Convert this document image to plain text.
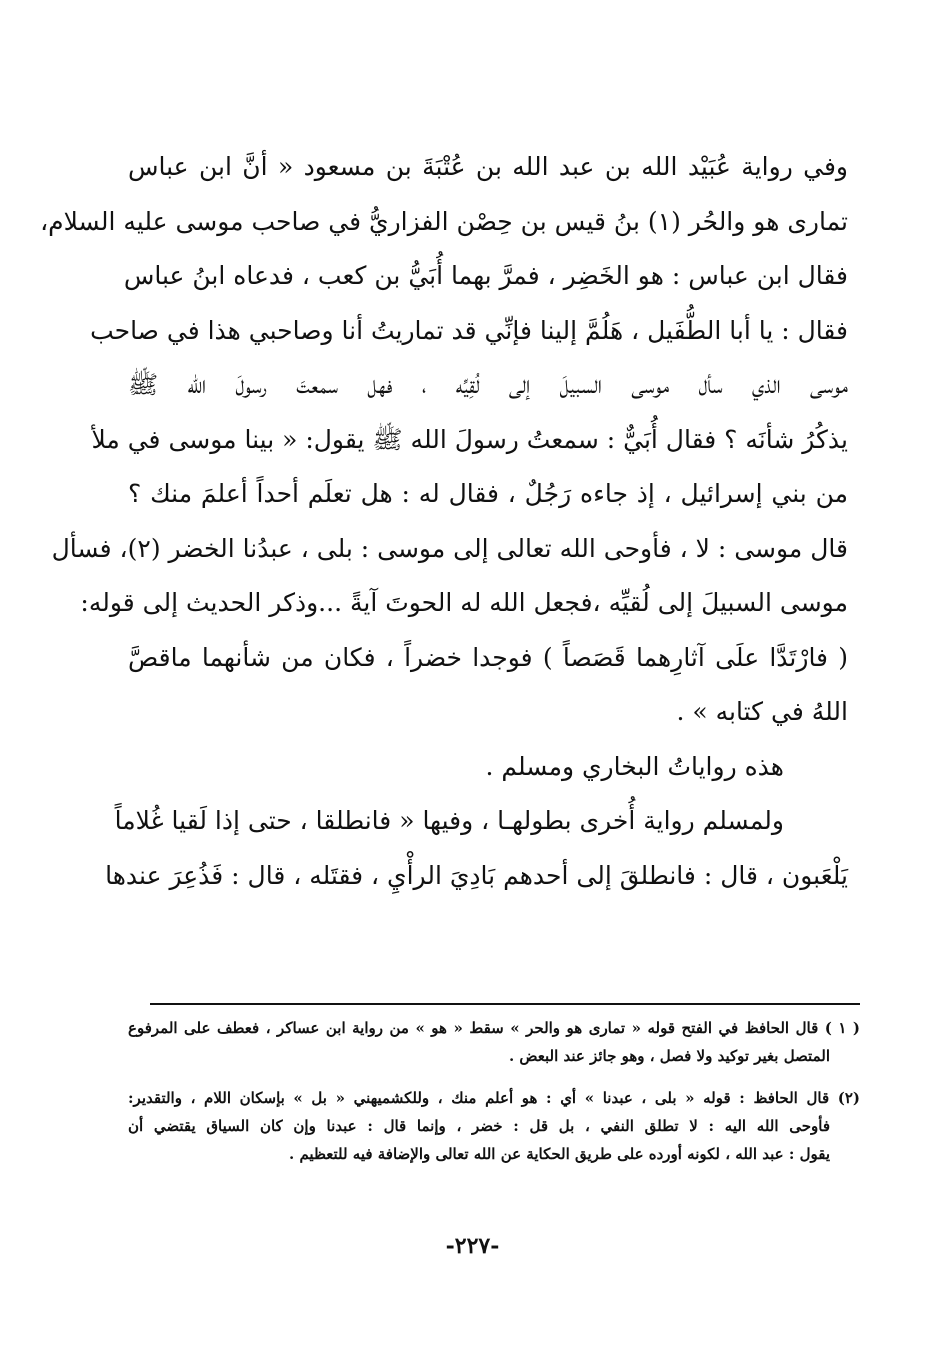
وفي رواية عُبَيْد الله بن عبد الله بن عُتْبَةَ بن مسعود « أنَّ ابن عباس
تمارى هو والحُر (١) بنُ قيس بن حِصْن الفزاريُّ في صاحب موسى عليه السلام،
فقال ابن عباس : هو الخَضِر ، فمرَّ بهما أُبَيُّ بن كعب ، فدعاه ابنُ عباس
فقال : يا أبا الطُّفَيل ، هَلُمَّ إلينا فإنِّي قد تماريتُ أنا وصاحبي هذا في صاحب
موسى الذي سأل موسى السبيلَ إلى لُقِيِّه ، فهل سمعتَ رسولَ الله ﷺ
يذكُرُ شأنَه ؟ فقال أُبَيٌّ : سمعتُ رسولَ الله ﷺ يقول: « بينا موسى في ملأ
من بني إسرائيل ، إذ جاءه رَجُلٌ ، فقال له : هل تعلَم أحداً أعلمَ منك ؟
قال موسى : لا ، فأوحى الله تعالى إلى موسى : بلى ، عبدُنا الخضر (٢)، فسأل
موسى السبيلَ إلى لُقيِّه ،فجعل الله له الحوتَ آيةً ...وذكر الحديث إلى قوله:
( فارْتَدَّا علَى آثارِهما قَصَصاً ) فوجدا خضراً ، فكان من شأنهما ماقصَّ
اللهُ في كتابه » .
هذه رواياتُ البخاري ومسلم .
ولمسلم رواية أُخرى بطولهـا ، وفيها « فانطلقا ، حتى إذا لَقيا غُلاماً
يَلْعَبون ، قال : فانطلقَ إلى أحدهم بَادِيَ الرأْيِ ، فقتَله ، قال : فَذُعِرَ عندها
( ١ ) قال الحافظ في الفتح قوله « تمارى هو والحر » سقط « هو » من رواية ابن عساكر ، فعطف على المرفوع
المتصل بغير توكيد ولا فصل ، وهو جائز عند البعض .
(٢) قال الحافظ : قوله « بلى ، عبدنا » أي : هو أعلم منك ، وللكشميهني « بل » بإسكان اللام ، والتقدير:
فأوحى الله اليه : لا تطلق النفي ، بل قل : خضر ، وإنما قال : عبدنا وإن كان السياق يقتضي أن
يقول : عبد الله ، لكونه أورده على طريق الحكاية عن الله تعالى والإضافة فيه للتعظيم .
-٢٢٧-
